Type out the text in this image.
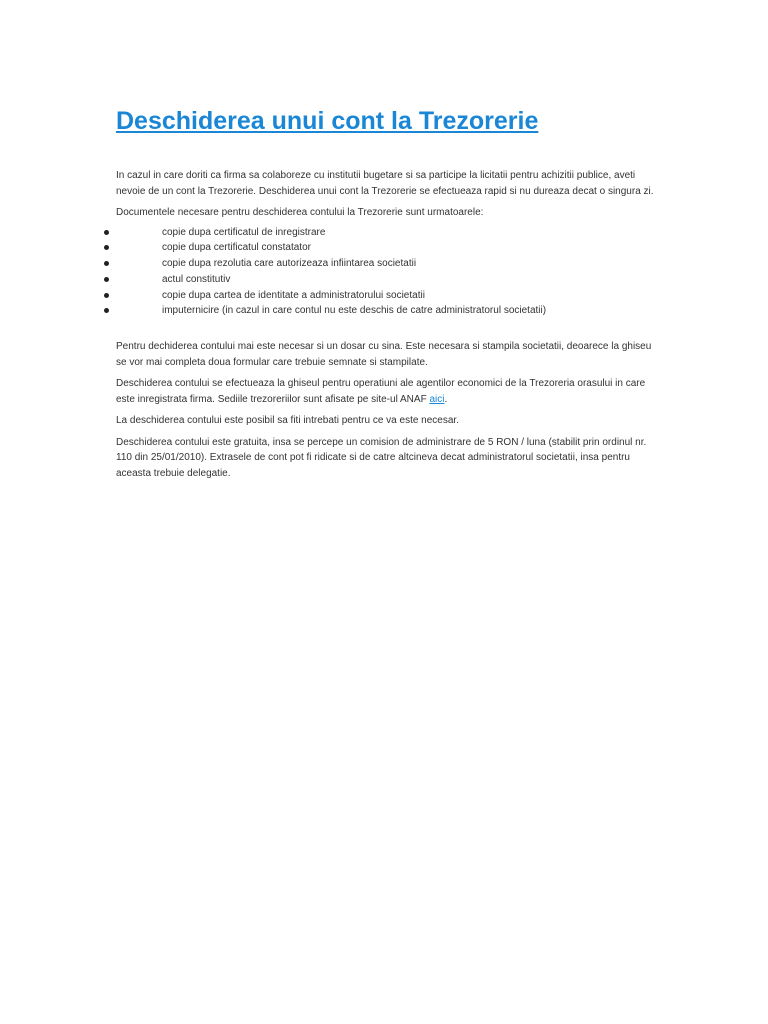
Deschiderea unui cont la Trezorerie

In cazul in care doriti ca firma sa colaboreze cu institutii bugetare si sa participe la licitatii pentru achizitii publice, aveti nevoie de un cont la Trezorerie. Deschiderea unui cont la Trezorerie se efectueaza rapid si nu dureaza decat o singura zi.

Documentele necesare pentru deschiderea contului la Trezorerie sunt urmatoarele:

copie dupa certificatul de inregistrare
copie dupa certificatul constatator
copie dupa rezolutia care autorizeaza infiintarea societatii
actul constitutiv
copie dupa cartea de identitate a administratorului societatii
imputernicire (in cazul in care contul nu este deschis de catre administratorul societatii)

Pentru dechiderea contului mai este necesar si un dosar cu sina. Este necesara si stampila societatii, deoarece la ghiseu se vor mai completa doua formular care trebuie semnate si stampilate.

Deschiderea contului se efectueaza la ghiseul pentru operatiuni ale agentilor economici de la Trezoreria orasului in care este inregistrata firma. Sediile trezoreriilor sunt afisate pe site-ul ANAF aici.

La deschiderea contului este posibil sa fiti intrebati pentru ce va este necesar.

Deschiderea contului este gratuita, insa se percepe un comision de administrare de 5 RON / luna (stabilit prin ordinul nr. 110 din 25/01/2010). Extrasele de cont pot fi ridicate si de catre altcineva decat administratorul societatii, insa pentru aceasta trebuie delegatie.
